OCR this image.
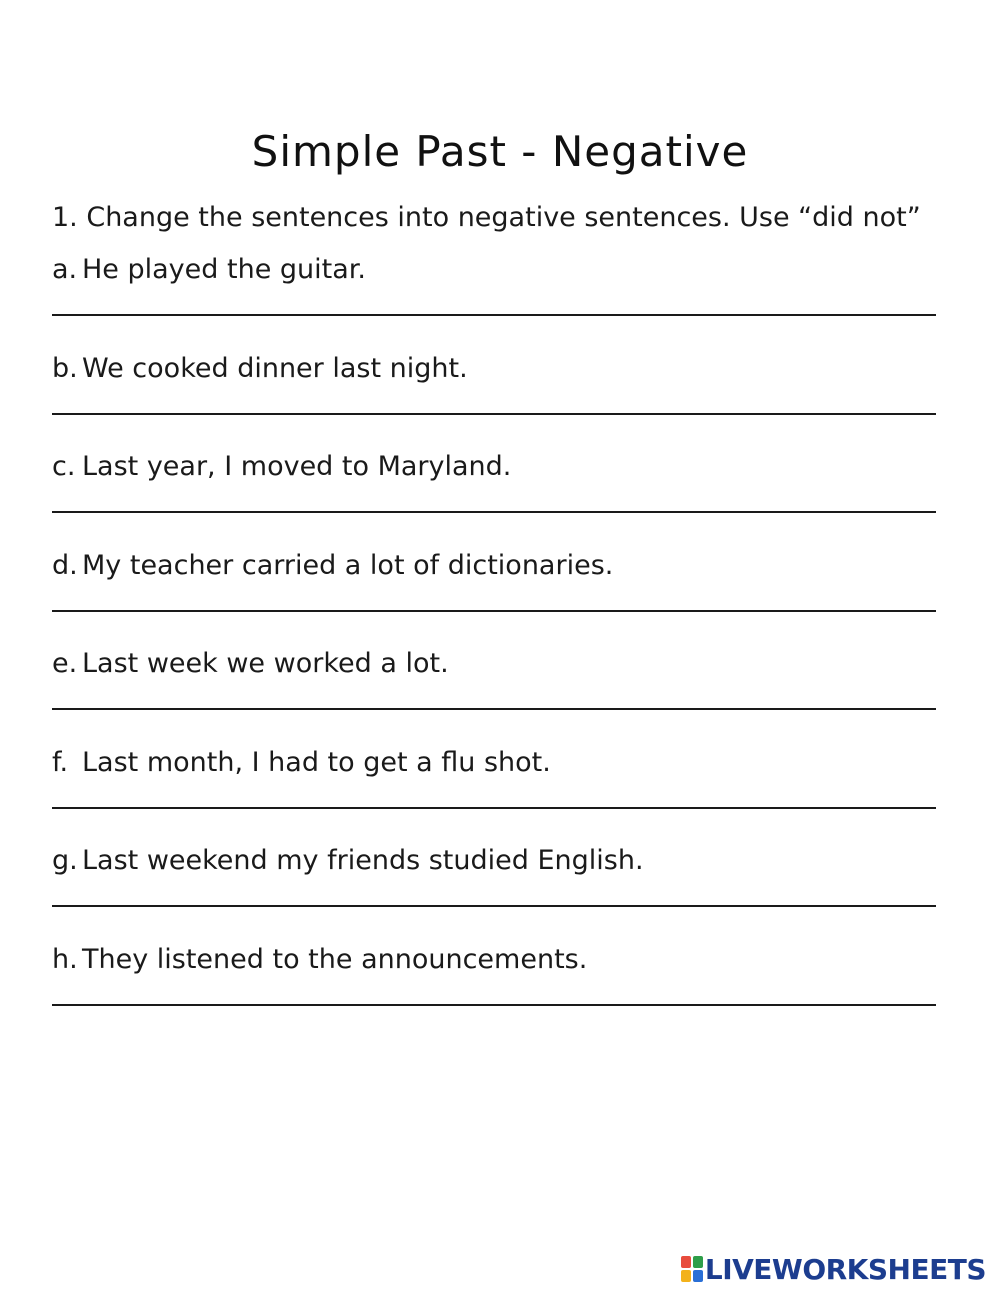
Simple Past - Negative
1. Change the sentences into negative sentences. Use “did not”
a. He played the guitar.
b. We cooked dinner last night.
c. Last year, I moved to Maryland.
d. My teacher carried a lot of dictionaries.
e. Last week we worked a lot.
f. Last month, I had to get a flu shot.
g. Last weekend my friends studied English.
h. They listened to the announcements.
LIVEWORKSHEETS
